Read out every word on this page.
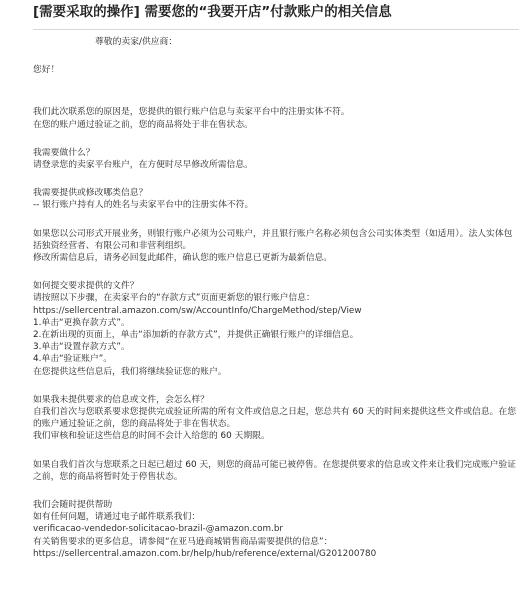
[需要采取的操作] 需要您的“我要开店”付款账户的相关信息
尊敬的卖家/供应商：
您好！

我们此次联系您的原因是，您提供的银行账户信息与卖家平台中的注册实体不符。

在您的账户通过验证之前，您的商品将处于非在售状态。

我需要做什么？

请登录您的卖家平台账户，在方便时尽早修改所需信息。

我需要提供或修改哪类信息？

-- 银行账户持有人的姓名与卖家平台中的注册实体不符。

如果您以公司形式开展业务，则银行账户必须为公司账户，并且银行账户名称必须包含公司实体类型（如适用）。法人实体包括独资经营者、有限公司和非营利组织。

修改所需信息后，请务必回复此邮件，确认您的账户信息已更新为最新信息。

如何提交要求提供的文件？

请按照以下步骤，在卖家平台的“存款方式”页面更新您的银行账户信息：

https://sellercentral.amazon.com/sw/AccountInfo/ChargeMethod/step/View

1.单击“更换存款方式”。

2.在新出现的页面上，单击“添加新的存款方式”，并提供正确银行账户的详细信息。

3.单击“设置存款方式”。

4.单击“验证账户”。

在您提供这些信息后，我们将继续验证您的账户。

如果我未提供要求的信息或文件，会怎么样？

自我们首次与您联系要求您提供完成验证所需的所有文件或信息之日起，您总共有 60 天的时间来提供这些文件或信息。在您的账户通过验证之前，您的商品将处于非在售状态。

我们审核和验证这些信息的时间不会计入给您的 60 天期限。

如果自我们首次与您联系之日起已超过 60 天，则您的商品可能已被停售。在您提供要求的信息或文件来让我们完成账户验证之前，您的商品将暂时处于停售状态。

我们会随时提供帮助

如有任何问题，请通过电子邮件联系我们：

verificacao-vendedor-solicitacao-brazil-@amazon.com.br

有关销售要求的更多信息，请参阅“在亚马逊商城销售商品需要提供的信息”：

https://sellercentral.amazon.com.br/help/hub/reference/external/G201200780
